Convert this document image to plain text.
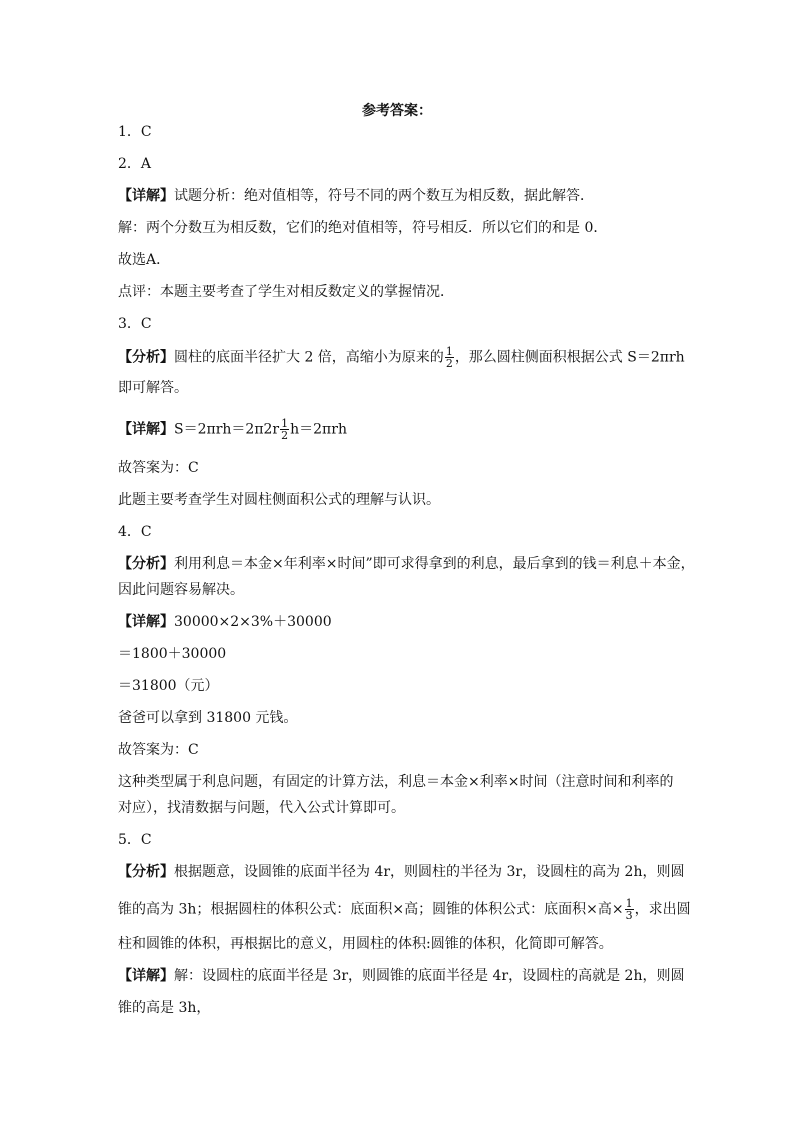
参考答案：
1．C
2．A
【详解】试题分析：绝对值相等，符号不同的两个数互为相反数，据此解答．
解：两个分数互为相反数，它们的绝对值相等，符号相反．所以它们的和是 0．
故选A．
点评：本题主要考查了学生对相反数定义的掌握情况．
3．C
【分析】圆柱的底面半径扩大 2 倍，高缩小为原来的 $\frac{1}{2}$ ，那么圆柱侧面积根据公式 S＝2πrh
即可解答。
【详解】$S=2\pi rh=2\pi 2r \frac{1}{2} h=2\pi rh$
故答案为：C
此题主要考查学生对圆柱侧面积公式的理解与认识。
4．C
【分析】利用利息＝本金×年利率×时间”即可求得拿到的利息，最后拿到的钱＝利息＋本金，
因此问题容易解决。
【详解】30000×2×3%＋30000
＝1800＋30000
＝31800（元）
爸爸可以拿到 31800 元钱。
故答案为：C
这种类型属于利息问题，有固定的计算方法，利息＝本金×利率×时间（注意时间和利率的
对应），找清数据与问题，代入公式计算即可。
5．C
【分析】根据题意，设圆锥的底面半径为 4r，则圆柱的半径为 3r，设圆柱的高为 2h，则圆
锥的高为 3h；根据圆柱的体积公式：底面积×高；圆锥的体积公式：底面积×高× $\frac{1}{3}$ ，求出圆
柱和圆锥的体积，再根据比的意义，用圆柱的体积:圆锥的体积，化简即可解答。
【详解】解：设圆柱的底面半径是 3r，则圆锥的底面半径是 4r，设圆柱的高就是 2h，则圆
锥的高是 3h，
